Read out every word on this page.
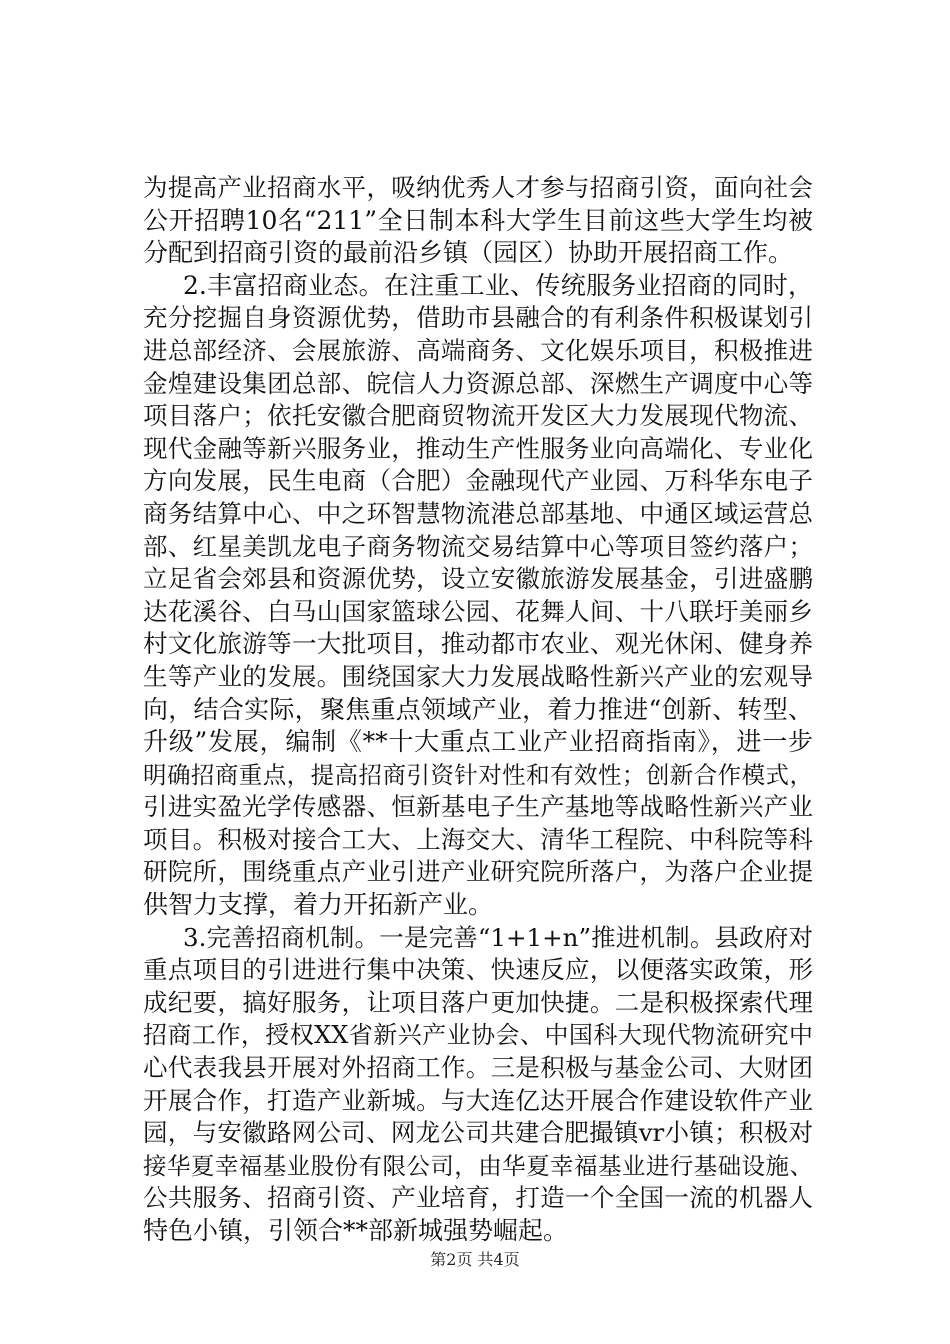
为提高产业招商水平，吸纳优秀人才参与招商引资，面向社会
公开招聘10名“211”全日制本科大学生目前这些大学生均被
分配到招商引资的最前沿乡镇（园区）协助开展招商工作。
2.丰富招商业态。在注重工业、传统服务业招商的同时，
充分挖掘自身资源优势，借助市县融合的有利条件积极谋划引
进总部经济、会展旅游、高端商务、文化娱乐项目，积极推进
金煌建设集团总部、皖信人力资源总部、深燃生产调度中心等
项目落户；依托安徽合肥商贸物流开发区大力发展现代物流、
现代金融等新兴服务业，推动生产性服务业向高端化、专业化
方向发展，民生电商（合肥）金融现代产业园、万科华东电子
商务结算中心、中之环智慧物流港总部基地、中通区域运营总
部、红星美凯龙电子商务物流交易结算中心等项目签约落户；
立足省会郊县和资源优势，设立安徽旅游发展基金，引进盛鹏
达花溪谷、白马山国家篮球公园、花舞人间、十八联圩美丽乡
村文化旅游等一大批项目，推动都市农业、观光休闲、健身养
生等产业的发展。围绕国家大力发展战略性新兴产业的宏观导
向，结合实际，聚焦重点领域产业，着力推进“创新、转型、
升级”发展，编制《**十大重点工业产业招商指南》，进一步
明确招商重点，提高招商引资针对性和有效性；创新合作模式，
引进实盈光学传感器、恒新基电子生产基地等战略性新兴产业
项目。积极对接合工大、上海交大、清华工程院、中科院等科
研院所，围绕重点产业引进产业研究院所落户，为落户企业提
供智力支撑，着力开拓新产业。
3.完善招商机制。一是完善“1+1+n”推进机制。县政府对
重点项目的引进进行集中决策、快速反应，以便落实政策，形
成纪要，搞好服务，让项目落户更加快捷。二是积极探索代理
招商工作，授权XX省新兴产业协会、中国科大现代物流研究中
心代表我县开展对外招商工作。三是积极与基金公司、大财团
开展合作，打造产业新城。与大连亿达开展合作建设软件产业
园，与安徽路网公司、网龙公司共建合肥撮镇vr小镇；积极对
接华夏幸福基业股份有限公司，由华夏幸福基业进行基础设施、
公共服务、招商引资、产业培育，打造一个全国一流的机器人
特色小镇，引领合**部新城强势崛起。
第2页 共4页
